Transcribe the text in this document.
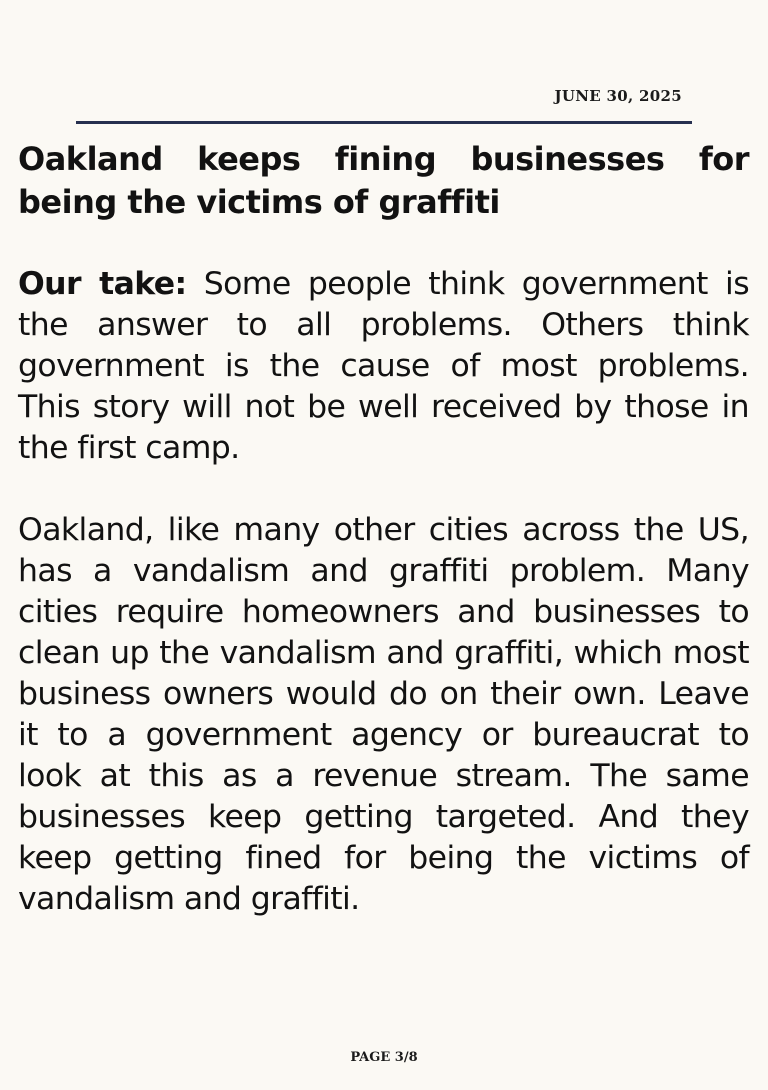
JUNE 30, 2025
Oakland keeps fining businesses for being the victims of graffiti

Our take: Some people think government is the answer to all problems. Others think government is the cause of most problems. This story will not be well received by those in the first camp.

Oakland, like many other cities across the US, has a vandalism and graffiti problem. Many cities require homeowners and businesses to clean up the vandalism and graffiti, which most business owners would do on their own. Leave it to a government agency or bureaucrat to look at this as a revenue stream. The same businesses keep getting targeted. And they keep getting fined for being the victims of vandalism and graffiti.

PAGE 3/8
